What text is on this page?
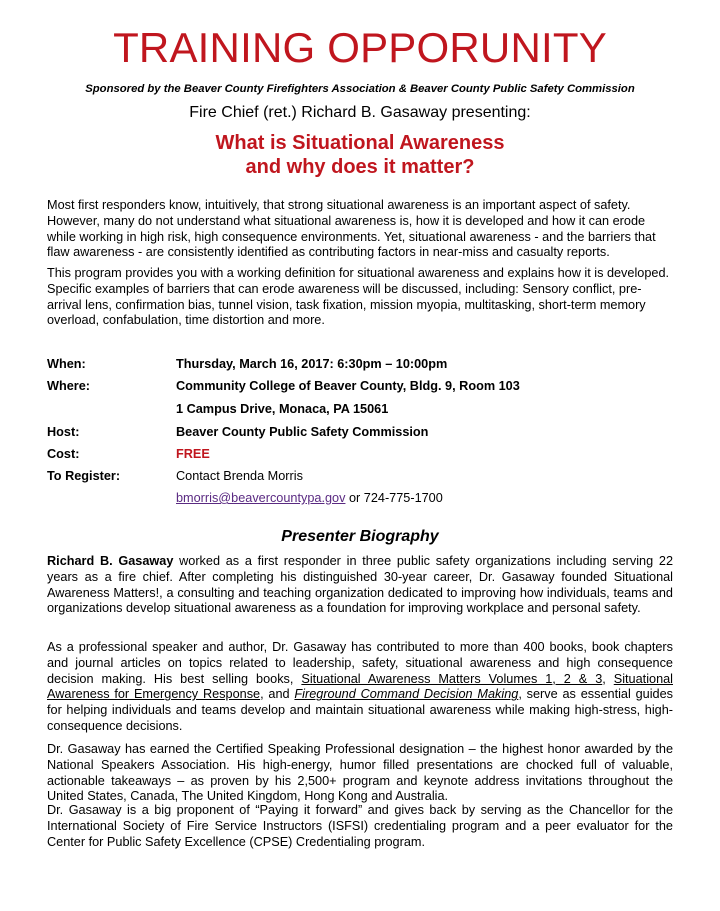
TRAINING OPPORUNITY
Sponsored by the Beaver County Firefighters Association & Beaver County Public Safety Commission
Fire Chief (ret.) Richard B. Gasaway presenting:
What is Situational Awareness
and why does it matter?

Most first responders know, intuitively, that strong situational awareness is an important aspect of safety. However, many do not understand what situational awareness is, how it is developed and how it can erode while working in high risk, high consequence environments. Yet, situational awareness - and the barriers that flaw awareness - are consistently identified as contributing factors in near-miss and casualty reports.

This program provides you with a working definition for situational awareness and explains how it is developed. Specific examples of barriers that can erode awareness will be discussed, including: Sensory conflict, pre-arrival lens, confirmation bias, tunnel vision, task fixation, mission myopia, multitasking, short-term memory overload, confabulation, time distortion and more.

When:	Thursday, March 16, 2017: 6:30pm – 10:00pm
Where:	Community College of Beaver County, Bldg. 9, Room 103
1 Campus Drive, Monaca, PA 15061
Host:	Beaver County Public Safety Commission
Cost:	FREE
To Register:	Contact Brenda Morris
bmorris@beavercountypa.gov or 724-775-1700
Presenter Biography

Richard B. Gasaway worked as a first responder in three public safety organizations including serving 22 years as a fire chief. After completing his distinguished 30-year career, Dr. Gasaway founded Situational Awareness Matters!, a consulting and teaching organization dedicated to improving how individuals, teams and organizations develop situational awareness as a foundation for improving workplace and personal safety.

As a professional speaker and author, Dr. Gasaway has contributed to more than 400 books, book chapters and journal articles on topics related to leadership, safety, situational awareness and high consequence decision making. His best selling books, Situational Awareness Matters Volumes 1, 2 & 3, Situational Awareness for Emergency Response, and Fireground Command Decision Making, serve as essential guides for helping individuals and teams develop and maintain situational awareness while making high-stress, high-consequence decisions.

Dr. Gasaway has earned the Certified Speaking Professional designation – the highest honor awarded by the National Speakers Association. His high-energy, humor filled presentations are chocked full of valuable, actionable takeaways – as proven by his 2,500+ program and keynote address invitations throughout the United States, Canada, The United Kingdom, Hong Kong and Australia.

Dr. Gasaway is a big proponent of “Paying it forward” and gives back by serving as the Chancellor for the International Society of Fire Service Instructors (ISFSI) credentialing program and a peer evaluator for the Center for Public Safety Excellence (CPSE) Credentialing program.
